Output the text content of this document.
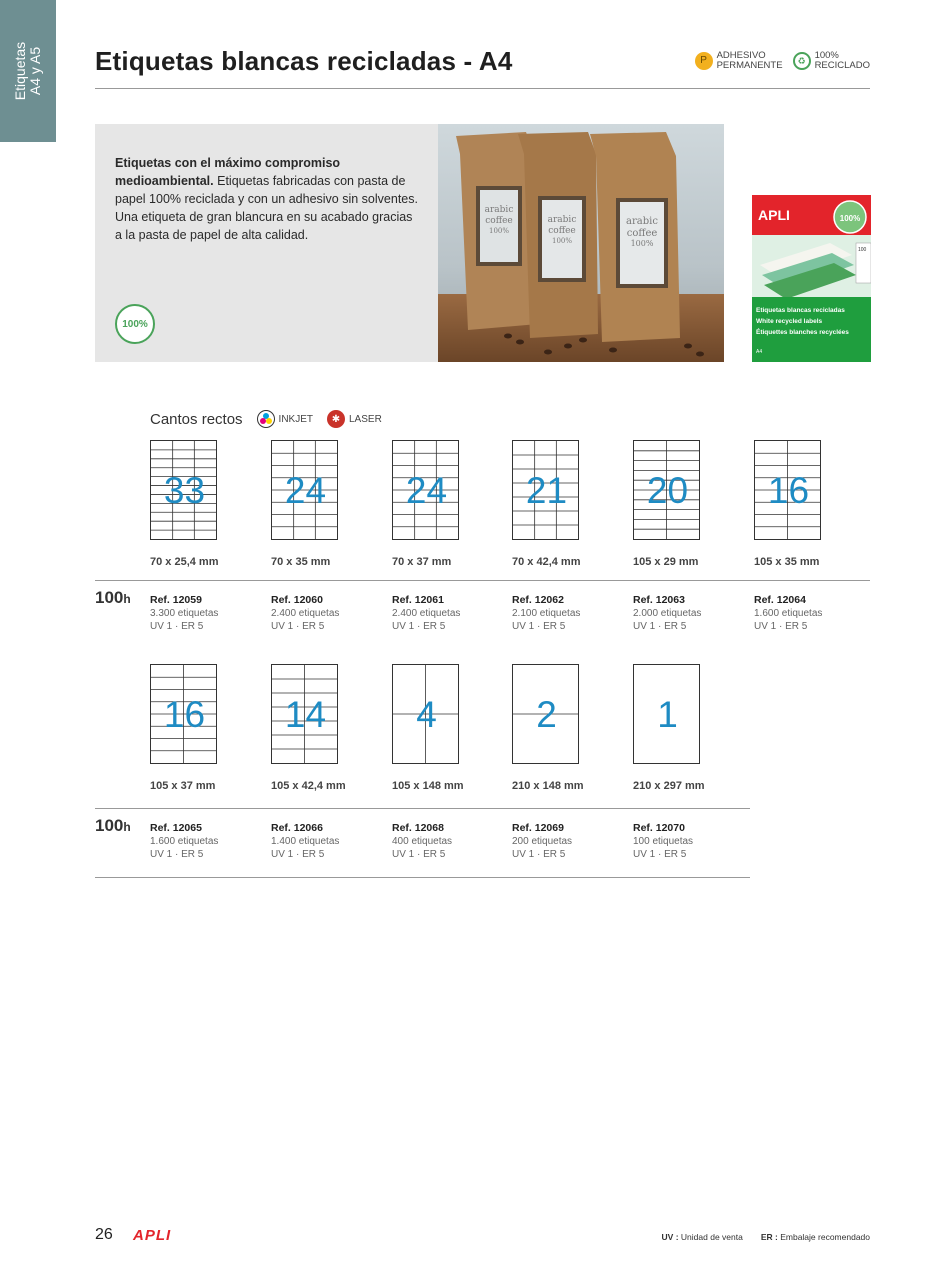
Etiquetas A4 y A5 Etiquetas blancas recicladas - A4	P	ADHESIVO
PERMANENTE	♻ 100%
RECICLADO
Etiquetas con el máximo compromiso medioambiental. Etiquetas fabricadas con pasta de papel 100% reciclada y con un adhesivo sin solventes. Una etiqueta de gran blancura en su acabado gracias a la pasta de papel de alta calidad.
100%
arabic
coffee
100%
arabic
coffee
100%
arabic
coffee
100%
APLI	100%
100
Etiquetas blancas recicladas
White recycled labels
Étiquettes blanches recyclées
A4
Cantos rectos	INKJET	✱ LASER
33
70 x 25,4 mm
Ref. 12059
3.300 etiquetas
UV 1 · ER 5
24
70 x 35 mm
Ref. 12060
2.400 etiquetas
UV 1 · ER 5
24
70 x 37 mm
Ref. 12061
2.400 etiquetas
UV 1 · ER 5
21
70 x 42,4 mm
Ref. 12062
2.100 etiquetas
UV 1 · ER 5
20
105 x 29 mm
Ref. 12063
2.000 etiquetas
UV 1 · ER 5
16
105 x 35 mm
Ref. 12064
1.600 etiquetas
UV 1 · ER 5
100h
16
105 x 37 mm
Ref. 12065
1.600 etiquetas
UV 1 · ER 5
14
105 x 42,4 mm
Ref. 12066
1.400 etiquetas
UV 1 · ER 5
4
105 x 148 mm
Ref. 12068
400 etiquetas
UV 1 · ER 5
2
210 x 148 mm
Ref. 12069
200 etiquetas
UV 1 · ER 5
1
210 x 297 mm
Ref. 12070
100 etiquetas
UV 1 · ER 5
100h
26 APLI	UV : Unidad de venta ER : Embalaje recomendado
